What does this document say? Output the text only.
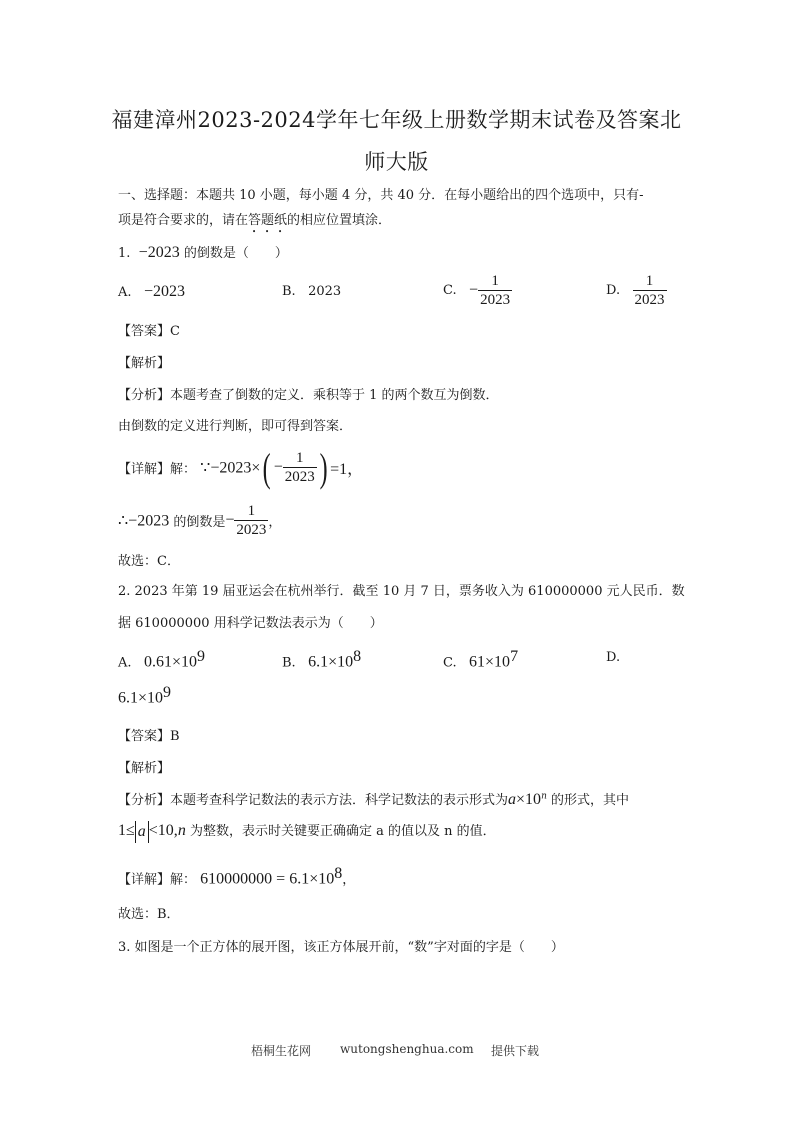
福建漳州2023-2024学年七年级上册数学期末试卷及答案北
师大版
一、选择题：本题共 10 小题，每小题 4 分，共 40 分．在每小题给出的四个选项中，只有-
项是符合要求的，请在答题纸的相应位置填涂．
1. −2023 的倒数是（　　）
A. −2023	B. 2023	C. − $\frac{1}{2023}$	D. $\frac{1}{2023}$
【答案】C
【解析】
【分析】本题考查了倒数的定义．乘积等于 1 的两个数互为倒数．
由倒数的定义进行判断，即可得到答案．
【详解】解： ∵−2023×( − $\frac{1}{2023}$ ) =1，
∴−2023 的倒数是− $\frac{1}{2023}$ ，
故选：C．
2. 2023 年第 19 届亚运会在杭州举行．截至 10 月 7 日，票务收入为 610000000 元人民币．数
据 610000000 用科学记数法表示为（　　）
A. $0.61\times 10^9$	B. $6.1\times 10^8$	C. $61\times 10^7$	D.
$6.1\times 10^9$
【答案】B
【解析】
【分析】本题考查科学记数法的表示方法．科学记数法的表示形式为$a\times 10^n$ 的形式，其中
1≤ a <10,n 为整数，表示时关键要正确确定 a 的值以及 n 的值．
【详解】解： $610000000 = 6.1\times 10^8$，
故选：B．
3. 如图是一个正方体的展开图，该正方体展开前，“数”字对面的字是（　　）
梧桐生花网 wutongshenghua.com 提供下载
